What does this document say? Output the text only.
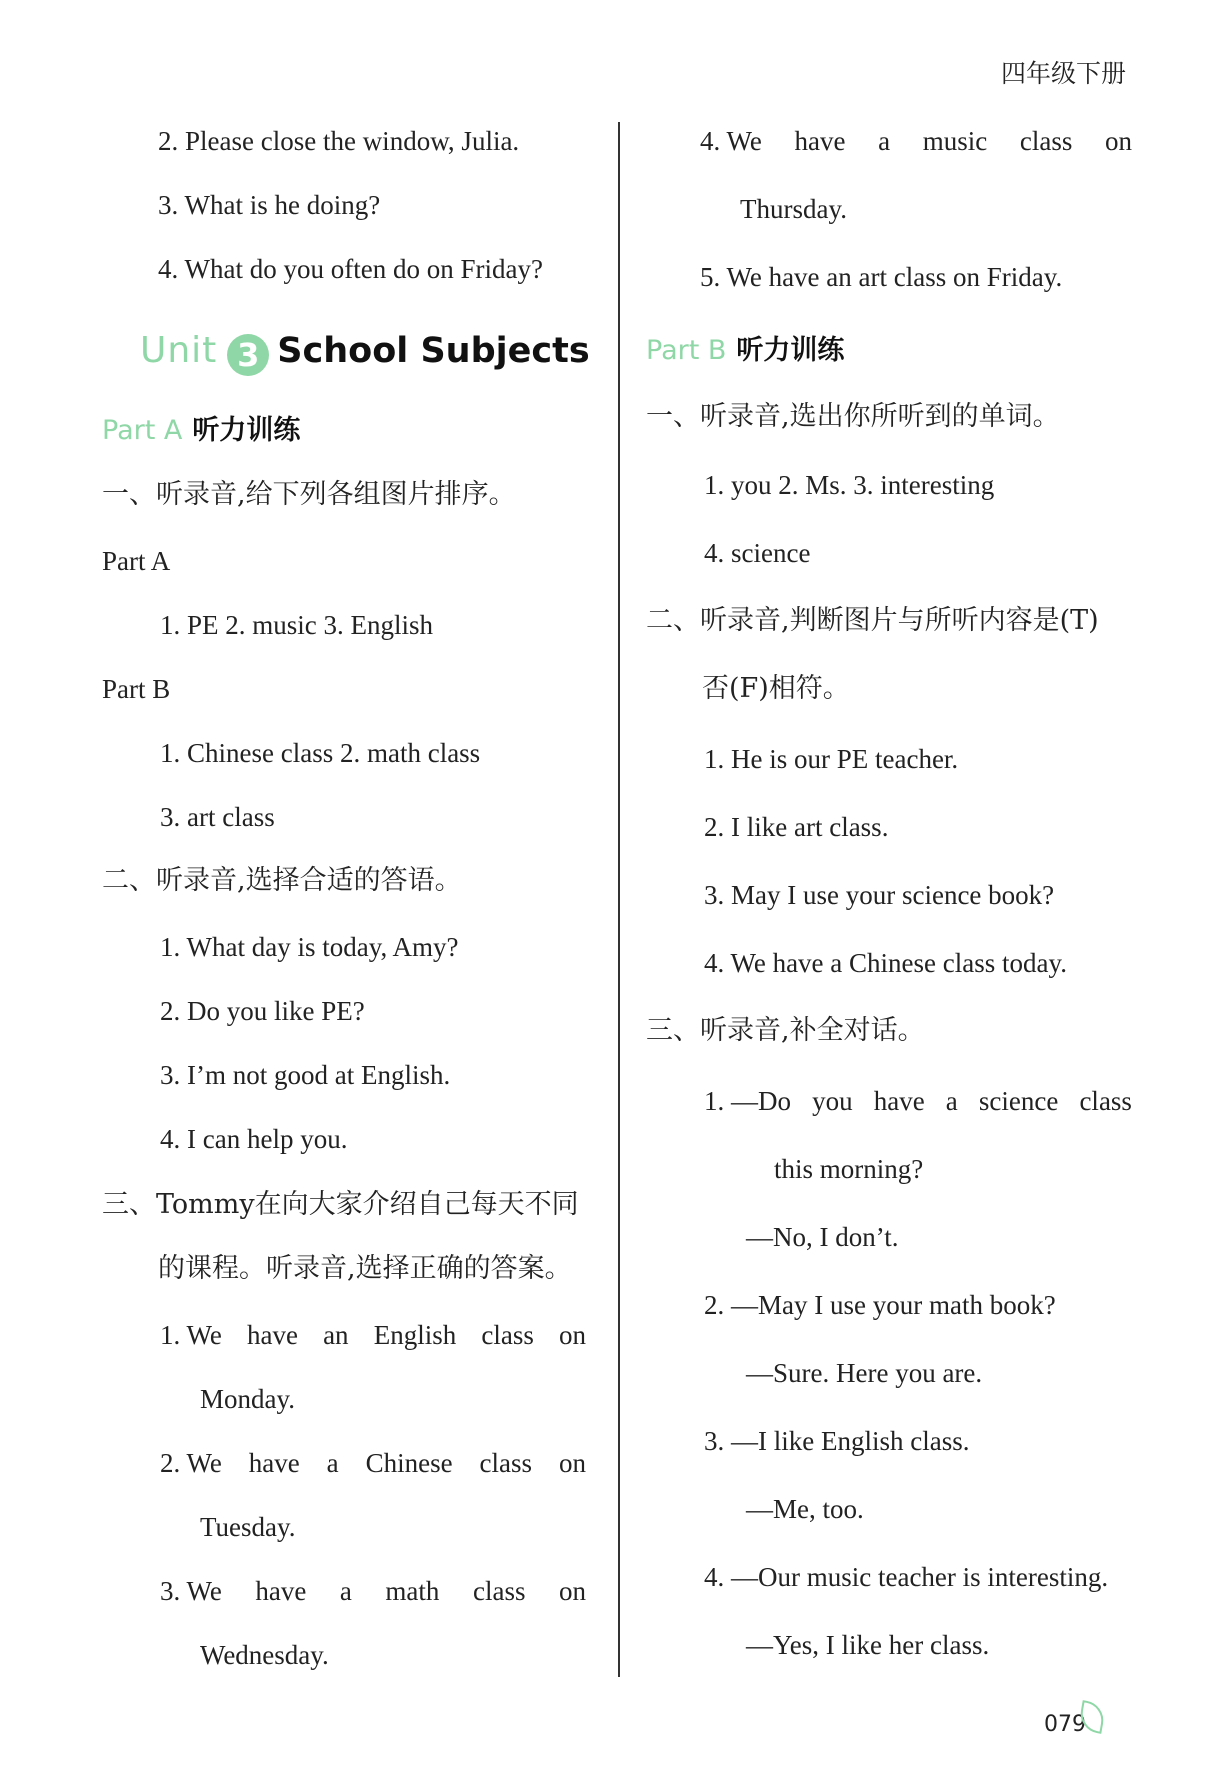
四年级下册
2. Please close the window, Julia.
3. What is he doing?
4. What do you often do on Friday?
Unit 3 School Subjects
Part A 听力训练
一、听录音,给下列各组图片排序。
Part A
1. PE 2. music 3. English
Part B
1. Chinese class 2. math class
3. art class
二、听录音,选择合适的答语。
1. What day is today, Amy?
2. Do you like PE?
3. I’m not good at English.
4. I can help you.
三、Tommy在向大家介绍自己每天不同
的课程。听录音,选择正确的答案。
1. We have an English class on
Monday.
2. We have a Chinese class on
Tuesday.
3. We have a math class on
Wednesday.
4. We have a music class on
Thursday.
5. We have an art class on Friday.
Part B 听力训练
一、听录音,选出你所听到的单词。
1. you 2. Ms. 3. interesting
4. science
二、听录音,判断图片与所听内容是(T)
否(F)相符。
1. He is our PE teacher.
2. I like art class.
3. May I use your science book?
4. We have a Chinese class today.
三、听录音,补全对话。
1. —Do you have a science class
this morning?
—No, I don’t.
2. —May I use your math book?
—Sure. Here you are.
3. —I like English class.
—Me, too.
4. —Our music teacher is interesting.
—Yes, I like her class.
079
